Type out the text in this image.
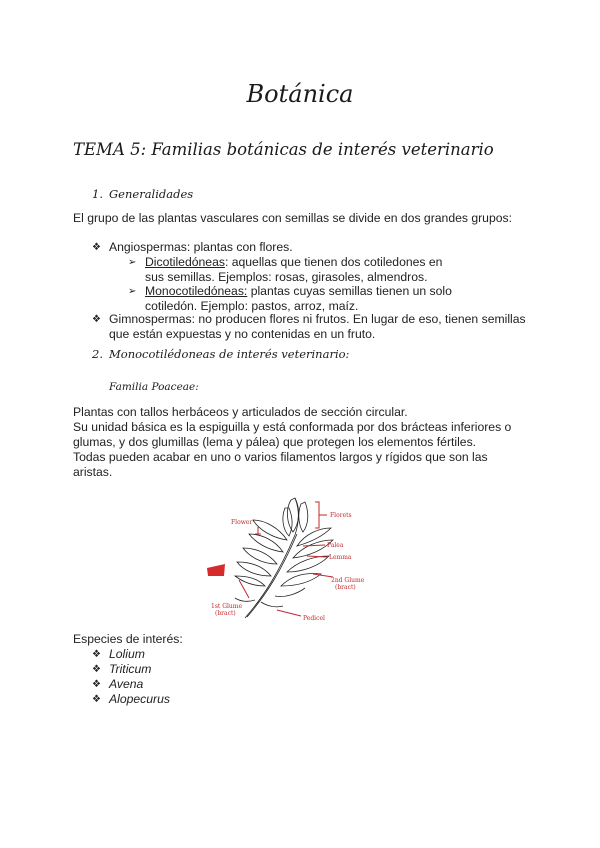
Botánica
TEMA 5: Familias botánicas de interés veterinario
1. Generalidades
El grupo de las plantas vasculares con semillas se divide en dos grandes grupos:
❖ Angiospermas: plantas con flores.
➢ Dicotiledóneas: aquellas que tienen dos cotiledones en sus semillas. Ejemplos: rosas, girasoles, almendros.
➢ Monocotiledóneas: plantas cuyas semillas tienen un solo cotiledón. Ejemplo: pastos, arroz, maíz.
❖ Gimnospermas: no producen flores ni frutos. En lugar de eso, tienen semillas que están expuestas y no contenidas en un fruto.
2. Monocotilédoneas de interés veterinario:
Familia Poaceae:
Plantas con tallos herbáceos y articulados de sección circular.
Su unidad básica es la espiguilla y está conformada por dos brácteas inferiores o glumas, y dos glumillas (lema y pálea) que protegen los elementos fértiles.
Todas pueden acabar en uno o varios filamentos largos y rígidos que son las aristas.
Florets
Flower
Palea
Lemma
2nd Glume
(bract)
1st Glume
(bract)
Pedicel
Especies de interés:
❖ Lolium
❖ Triticum
❖ Avena
❖ Alopecurus
